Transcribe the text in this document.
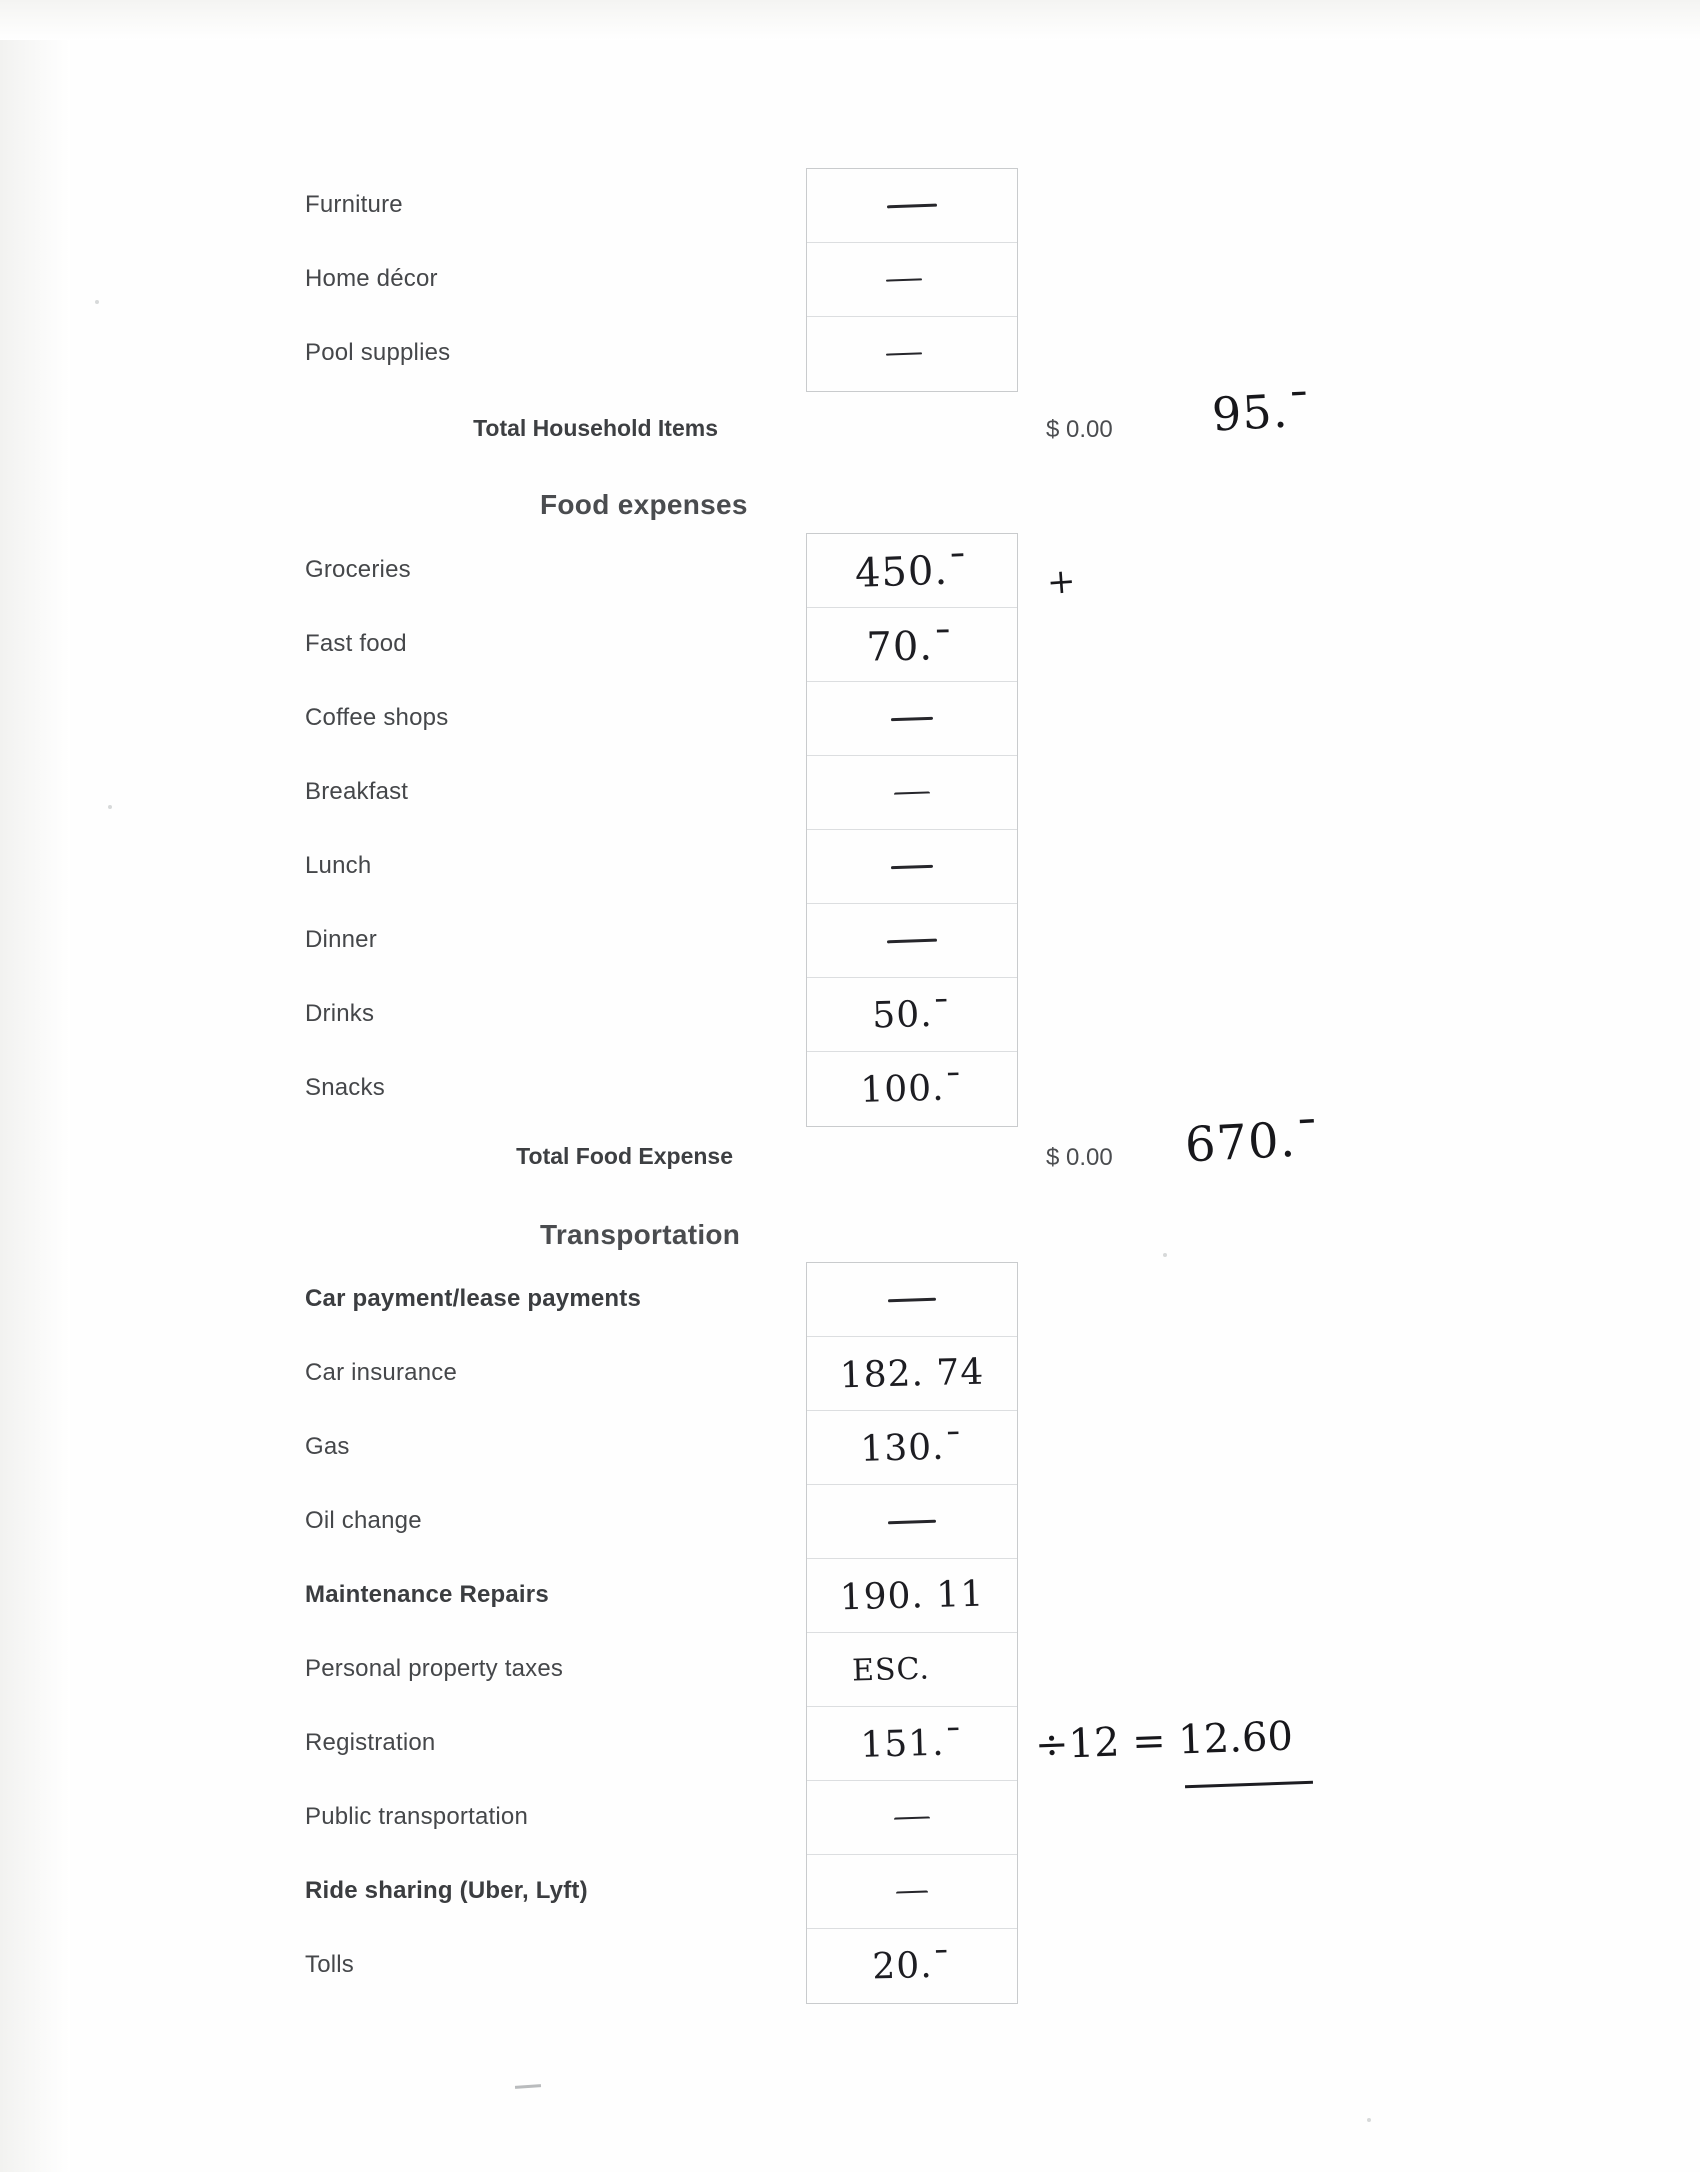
Furniture
Home décor
Pool supplies
Total Household Items	$ 0.00 95.¯
Food expenses
Groceries
Fast food
Coffee shops
Breakfast
Lunch
Dinner
Drinks
Snacks
450.¯
70.¯
50.¯
100.¯
+
Total Food Expense	$ 0.00 670.¯
Transportation
Car payment/lease payments
Car insurance
Gas
Oil change
Maintenance Repairs
Personal property taxes
Registration
Public transportation
Ride sharing (Uber, Lyft)
Tolls
182. 74
130.¯
190. 11
ESC.
151.¯
20.¯
÷12 = 12.60
